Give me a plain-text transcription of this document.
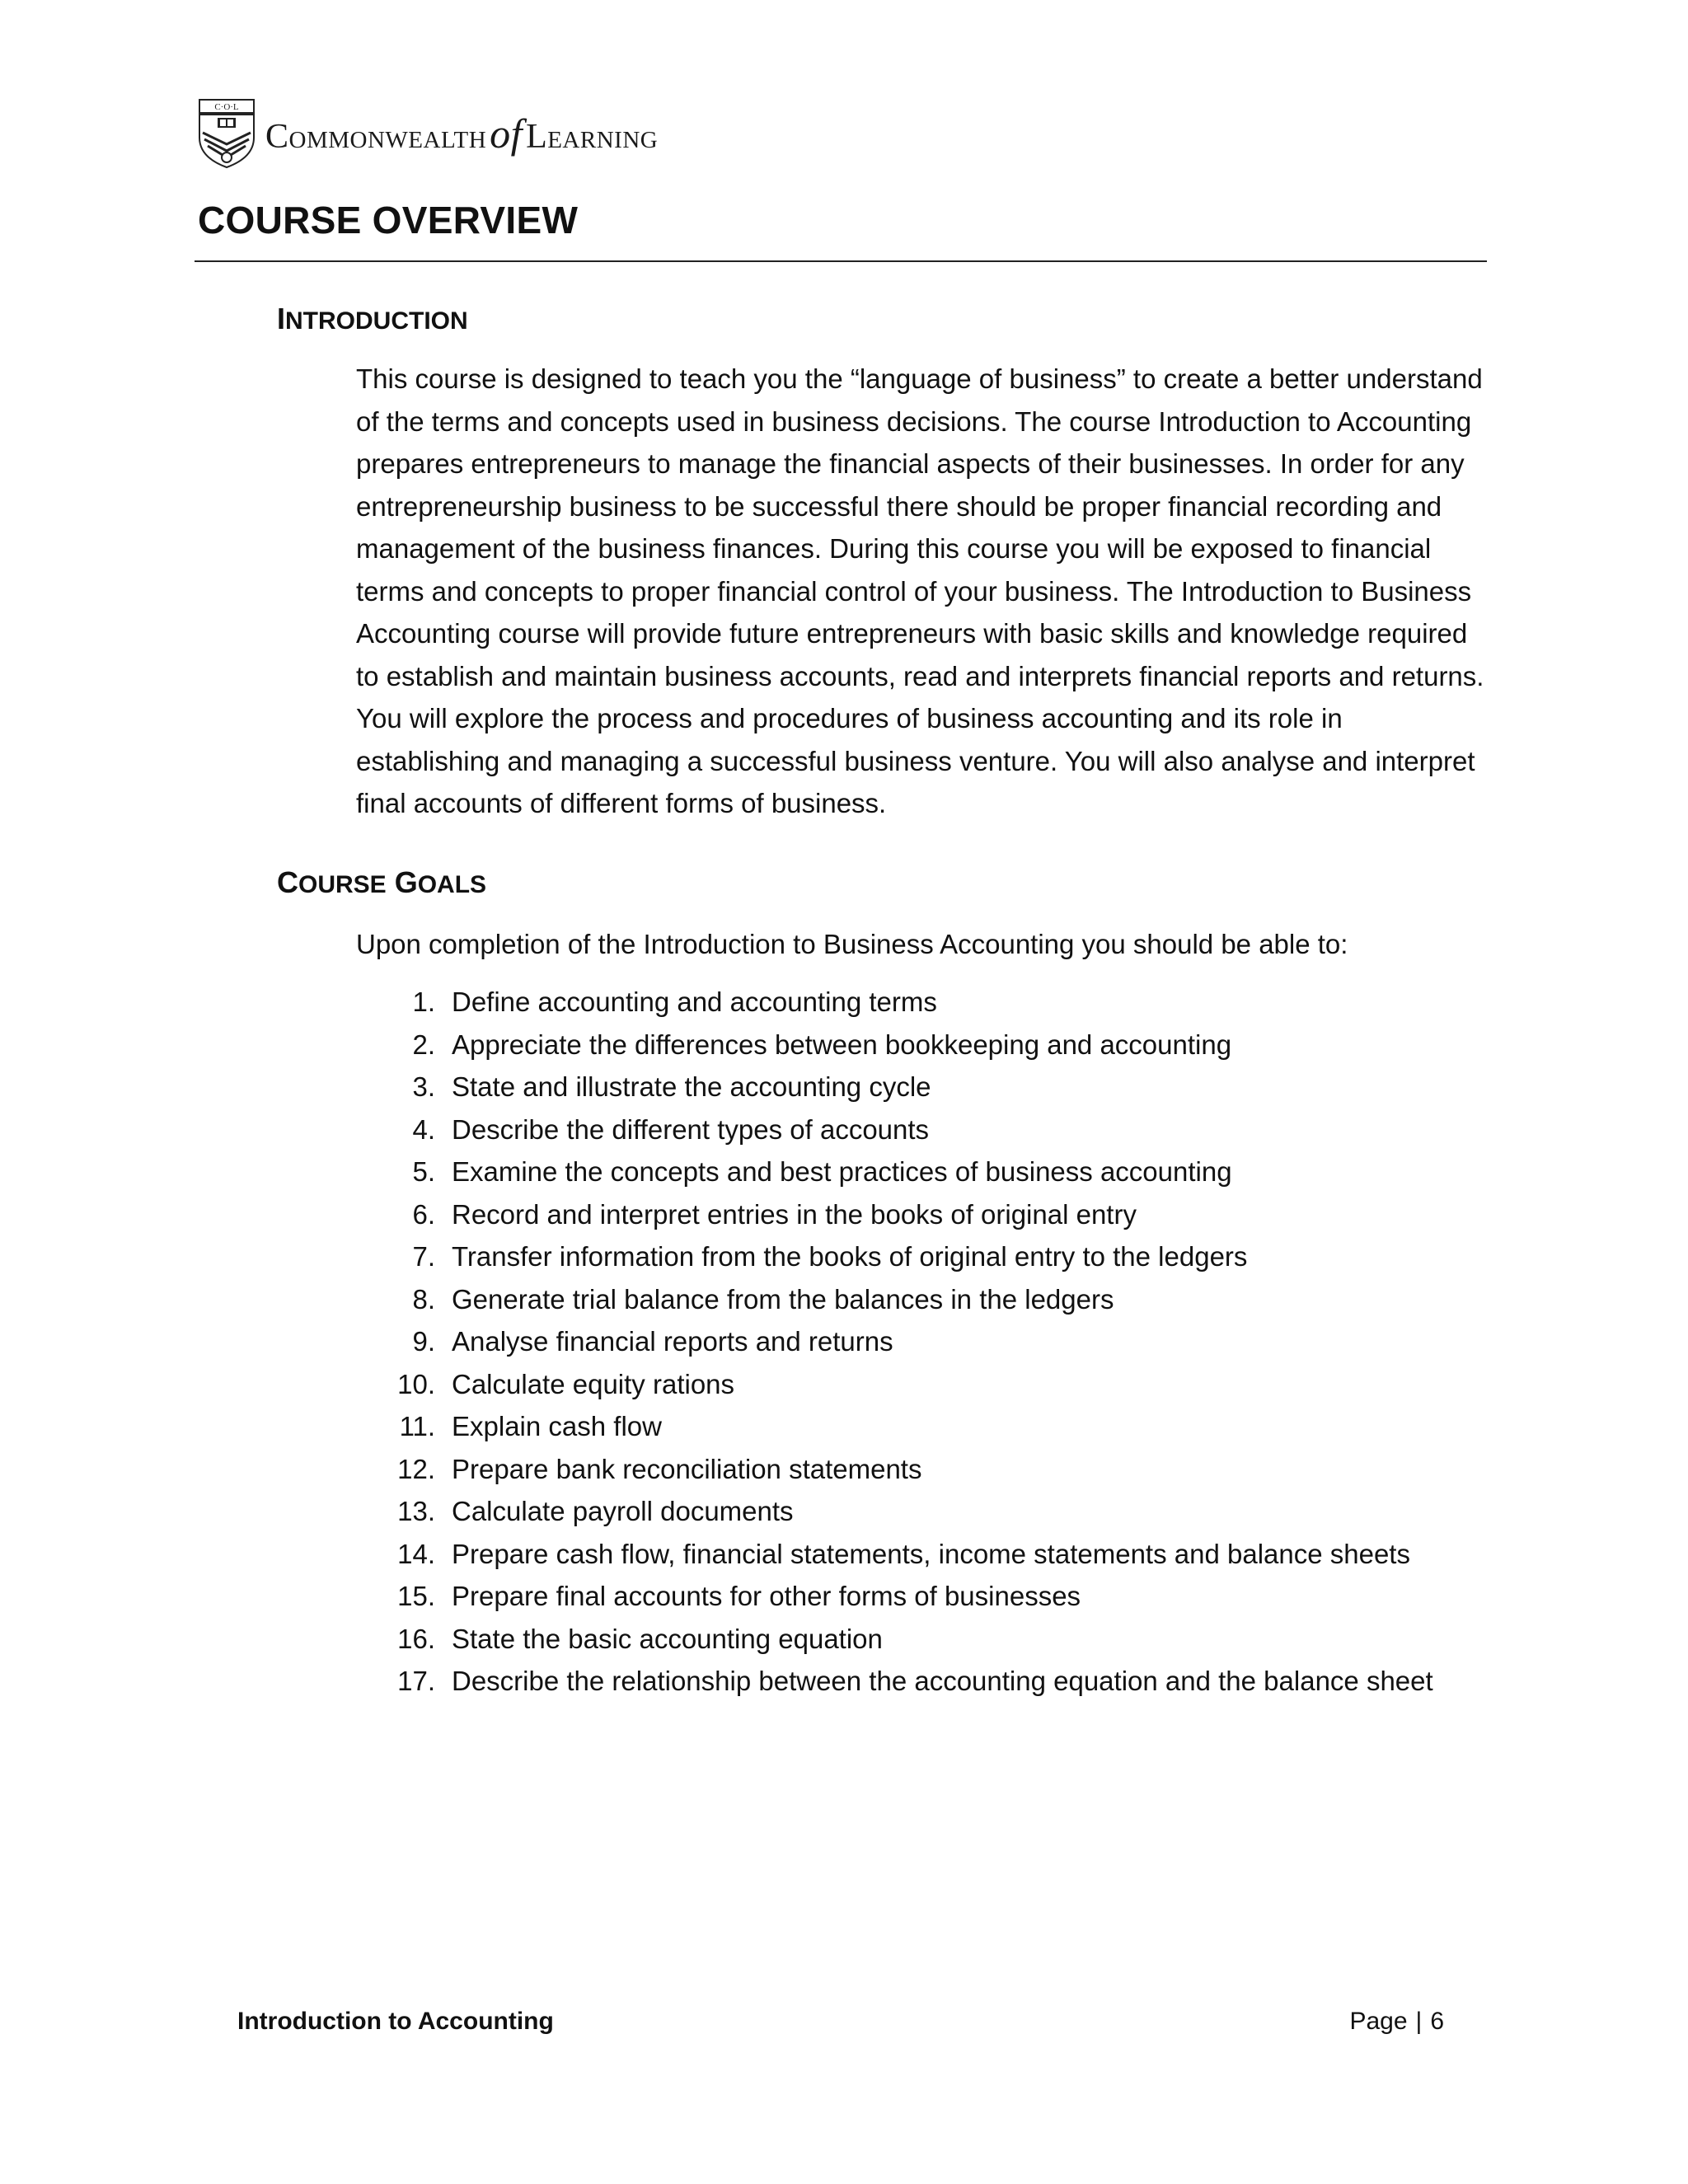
C·O·L
CommonwealthofLearning
COURSE OVERVIEW
INTRODUCTION

This course is designed to teach you the “language of business” to create a better understand of the terms and concepts used in business decisions. The course Introduction to Accounting prepares entrepreneurs to manage the financial aspects of their businesses. In order for any entrepreneurship business to be successful there should be proper financial recording and management of the business finances. During this course you will be exposed to financial terms and concepts to proper financial control of your business. The Introduction to Business Accounting course will provide future entrepreneurs with basic skills and knowledge required to establish and maintain business accounts, read and interprets financial reports and returns. You will explore the process and procedures of business accounting and its role in establishing and managing a successful business venture. You will also analyse and interpret final accounts of different forms of business.

COURSE GOALS

Upon completion of the Introduction to Business Accounting you should be able to:

1. Define accounting and accounting terms
2. Appreciate the differences between bookkeeping and accounting
3. State and illustrate the accounting cycle
4. Describe the different types of accounts
5. Examine the concepts and best practices of business accounting
6. Record and interpret entries in the books of original entry
7. Transfer information from the books of original entry to the ledgers
8. Generate trial balance from the balances in the ledgers
9. Analyse financial reports and returns
10. Calculate equity rations
11. Explain cash flow
12. Prepare bank reconciliation statements
13. Calculate payroll documents
14. Prepare cash flow, financial statements, income statements and balance sheets
15. Prepare final accounts for other forms of businesses
16. State the basic accounting equation
17. Describe the relationship between the accounting equation and the balance sheet
Introduction to Accounting	Page | 6
